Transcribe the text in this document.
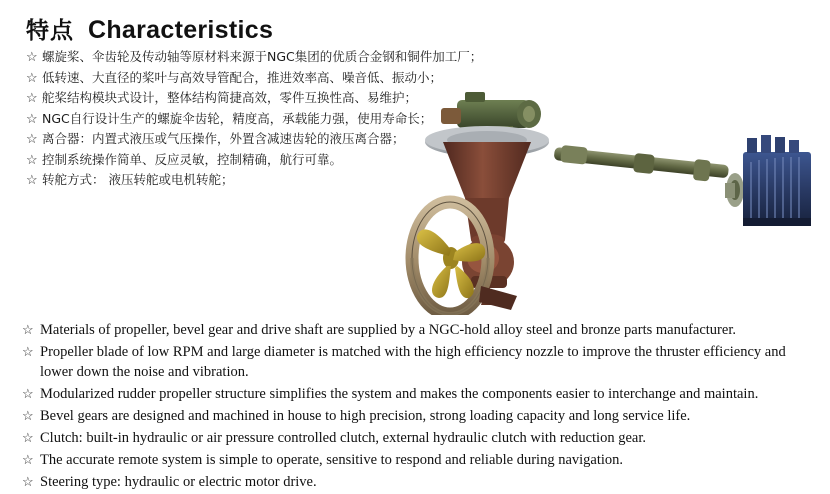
特点 Characteristics
☆ 螺旋桨、伞齿轮及传动轴等原材料来源于NGC集团的优质合金钢和铜件加工厂；
☆ 低转速、大直径的桨叶与高效导管配合，推进效率高、噪音低、振动小；
☆ 舵桨结构模块式设计，整体结构简捷高效，零件互换性高、易维护；
☆ NGC自行设计生产的螺旋伞齿轮，精度高，承载能力强，使用寿命长；
☆ 离合器：内置式液压或气压操作，外置含减速齿轮的液压离合器；
☆ 控制系统操作简单、反应灵敏，控制精确，航行可靠。
☆ 转舵方式： 液压转舵或电机转舵；
☆ Materials of propeller, bevel gear and drive shaft are supplied by a NGC-hold alloy steel and bronze parts manufacturer.
☆ Propeller blade of low RPM and large diameter is matched with the high efficiency nozzle to improve the thruster efficiency and lower down the noise and vibration.
☆ Modularized rudder propeller structure simplifies the system and makes the components easier to interchange and maintain.
☆ Bevel gears are designed and machined in house to high precision, strong loading capacity and long service life.
☆ Clutch: built-in hydraulic or air pressure controlled clutch, external hydraulic clutch with reduction gear.
☆ The accurate remote system is simple to operate, sensitive to respond and reliable during navigation.
☆ Steering type: hydraulic or electric motor drive.
